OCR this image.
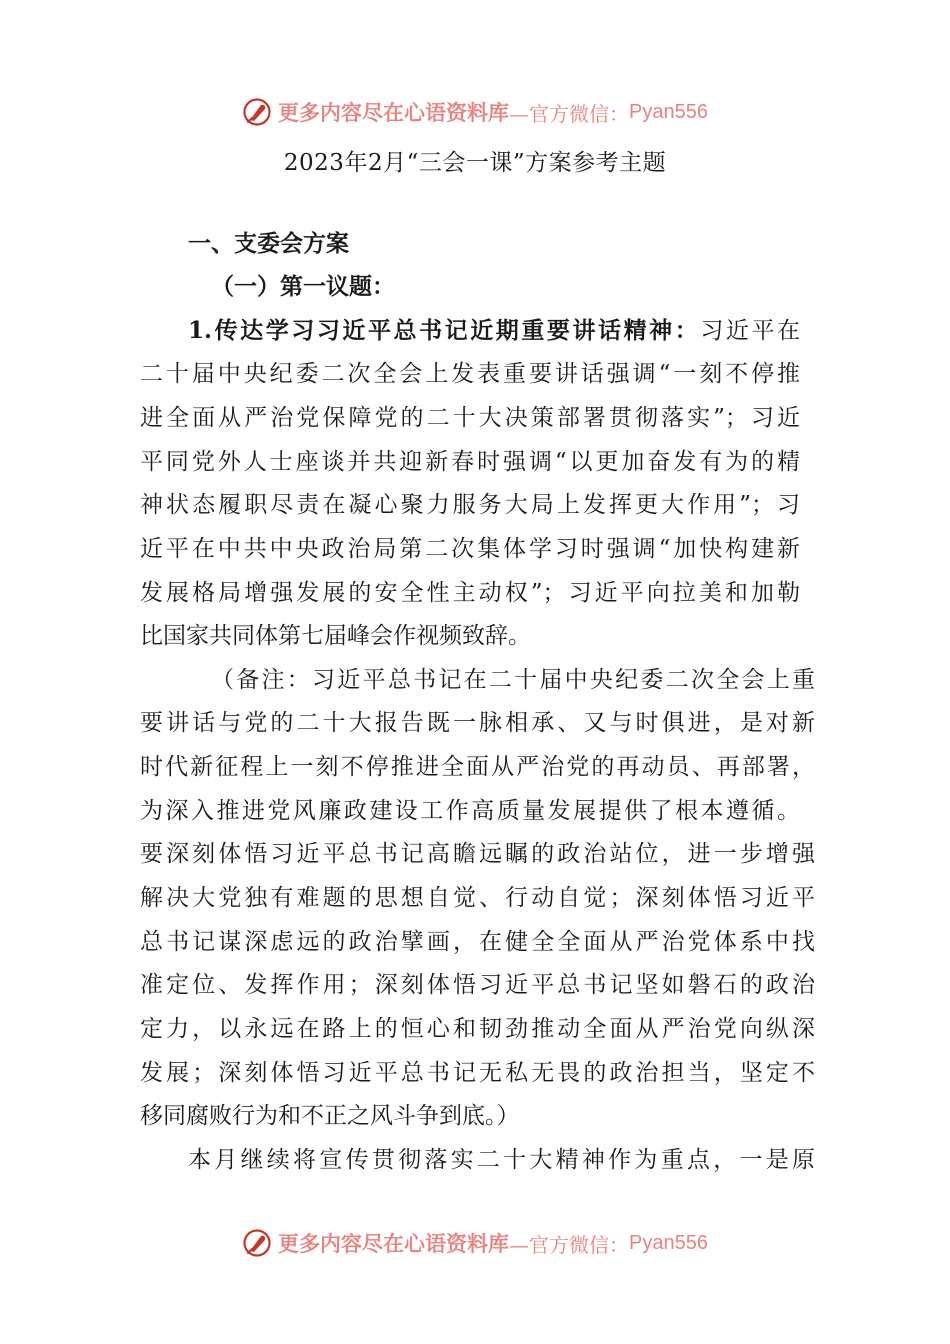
更多内容尽在心语资料库 —官方微信： Pyan556
2023年2月“三会一课”方案参考主题
一、支委会方案
（一）第一议题：
1.传达学习习近平总书记近期重要讲话精神：习近平在
二十届中央纪委二次全会上发表重要讲话强调“一刻不停推
进全面从严治党保障党的二十大决策部署贯彻落实”；习近
平同党外人士座谈并共迎新春时强调“以更加奋发有为的精
神状态履职尽责在凝心聚力服务大局上发挥更大作用”；习
近平在中共中央政治局第二次集体学习时强调“加快构建新
发展格局增强发展的安全性主动权”；习近平向拉美和加勒
比国家共同体第七届峰会作视频致辞。
（备注：习近平总书记在二十届中央纪委二次全会上重
要讲话与党的二十大报告既一脉相承、又与时俱进，是对新
时代新征程上一刻不停推进全面从严治党的再动员、再部署，
为深入推进党风廉政建设工作高质量发展提供了根本遵循。
要深刻体悟习近平总书记高瞻远瞩的政治站位，进一步增强
解决大党独有难题的思想自觉、行动自觉；深刻体悟习近平
总书记谋深虑远的政治擘画，在健全全面从严治党体系中找
准定位、发挥作用；深刻体悟习近平总书记坚如磐石的政治
定力，以永远在路上的恒心和韧劲推动全面从严治党向纵深
发展；深刻体悟习近平总书记无私无畏的政治担当，坚定不
移同腐败行为和不正之风斗争到底。）
本月继续将宣传贯彻落实二十大精神作为重点，一是原
更多内容尽在心语资料库 —官方微信： Pyan556
